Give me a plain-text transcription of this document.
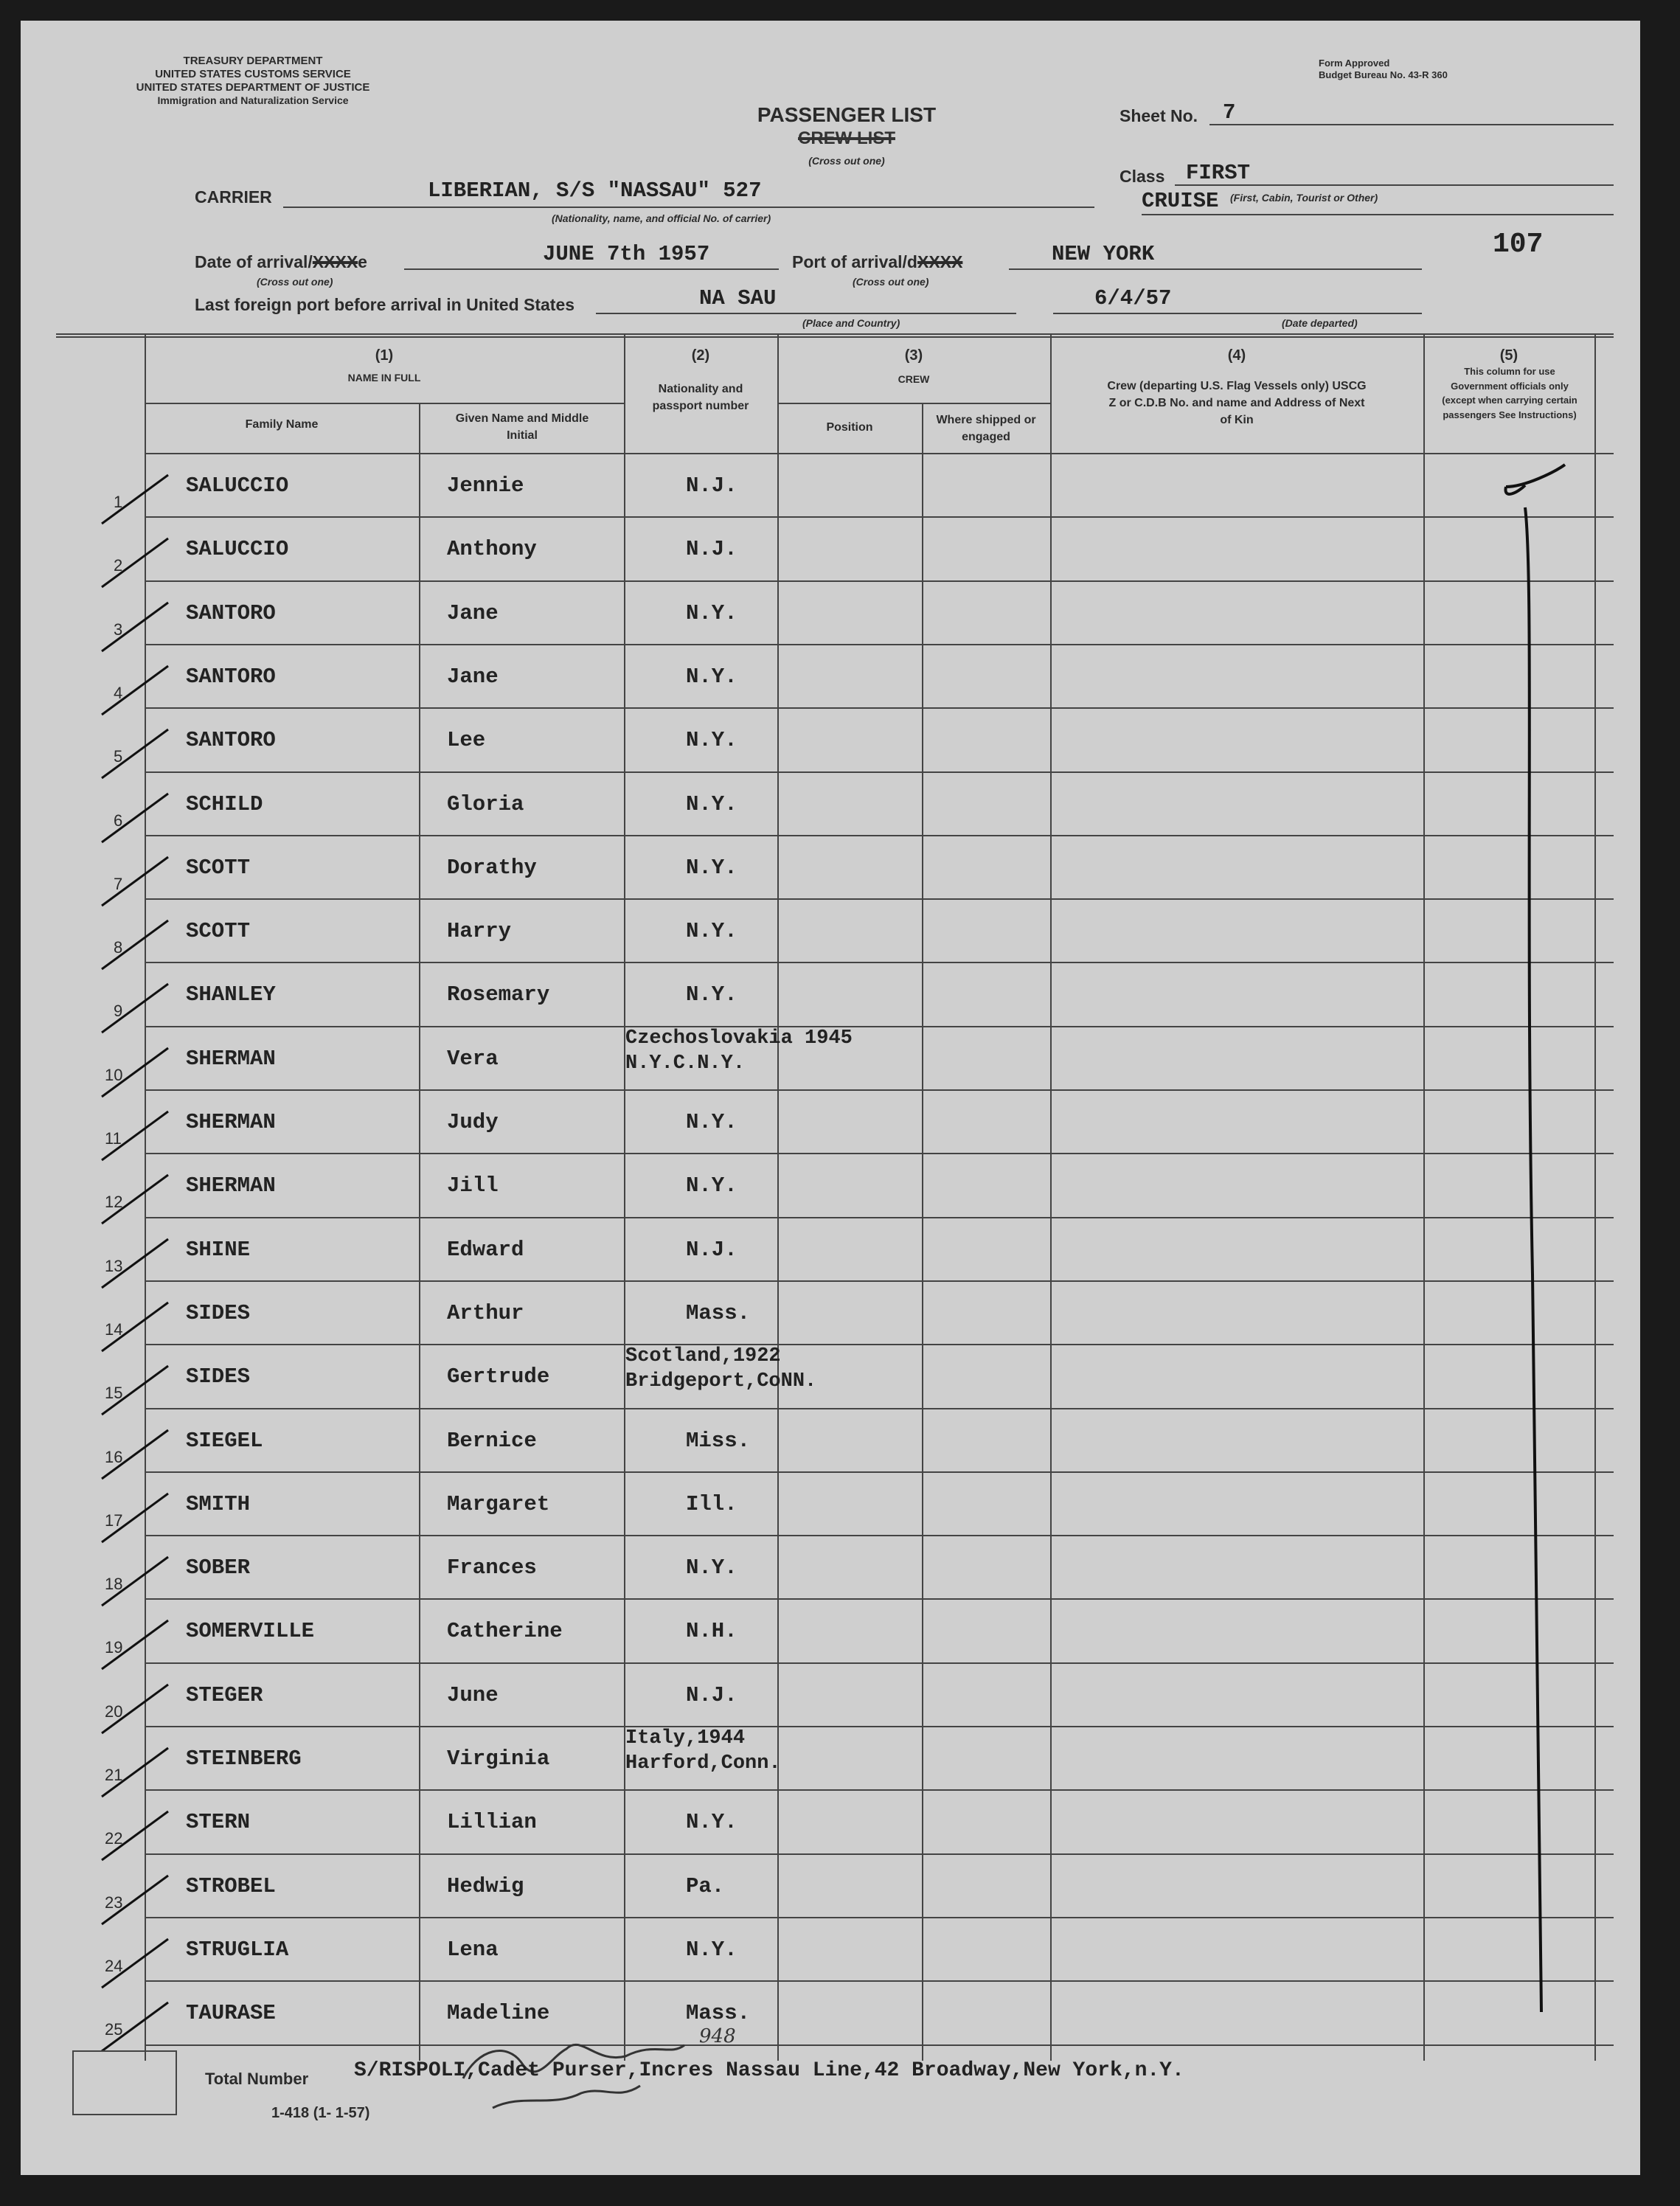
TREASURY DEPARTMENT
UNITED STATES CUSTOMS SERVICE
UNITED STATES DEPARTMENT OF JUSTICE
Immigration and Naturalization Service
Form Approved
Budget Bureau No. 43-R 360
PASSENGER LIST
CREW LIST
(Cross out one)
Sheet No. 7
CARRIER	LIBERIAN, S/S "NASSAU" 527
(Nationality, name, and official No. of carrier)
Class FIRST
CRUISE (First, Cabin, Tourist or Other)
Date of arrival/XXXXe
(Cross out one)
JUNE 7th 1957	Port of arrival/dXXXX
(Cross out one)
NEW YORK	107
Last foreign port before arrival in United States	NA SAU
(Place and Country)
6/4/57
(Date departed)
(1)
NAME IN FULL
Family Name	Given Name and Middle Initial
(2)
Nationality and passport number
(3)
CREW
Position
Where shipped or engaged
(4)
Crew (departing U.S. Flag Vessels only) USCG Z or C.D.B No. and name and Address of Next of Kin
(5)
This column for use Government officials only (except when carrying certain passengers See Instructions)
1
SALUCCIO	Jennie	N.J.
2
SALUCCIO	Anthony	N.J.
3
SANTORO	Jane	N.Y.
4
SANTORO	Jane	N.Y.
5
SANTORO	Lee	N.Y.
6
SCHILD	Gloria	N.Y.
7
SCOTT	Dorathy	N.Y.
8
SCOTT	Harry	N.Y.
9
SHANLEY	Rosemary	N.Y.
10
SHERMAN	Vera
Czechoslovakia 1945
N.Y.C.N.Y.
11
SHERMAN	Judy	N.Y.
12
SHERMAN	Jill	N.Y.
13
SHINE	Edward	N.J.
14
SIDES	Arthur	Mass.
15
SIDES	Gertrude
Scotland,1922
Bridgeport,CoNN.
16
SIEGEL	Bernice	Miss.
17
SMITH	Margaret	Ill.
18
SOBER	Frances	N.Y.
19
SOMERVILLE	Catherine	N.H.
20
STEGER	June	N.J.
21
STEINBERG	Virginia
Italy,1944
Harford,Conn.
22
STERN	Lillian	N.Y.
23
STROBEL	Hedwig	Pa.
24
STRUGLIA	Lena	N.Y.
25
TAURASE	Madeline	Mass.
948
Total Number S/RISPOLI,Cadet Purser,Incres Nassau Line,42 Broadway,New York,n.Y.
1-418 (1- 1-57)
